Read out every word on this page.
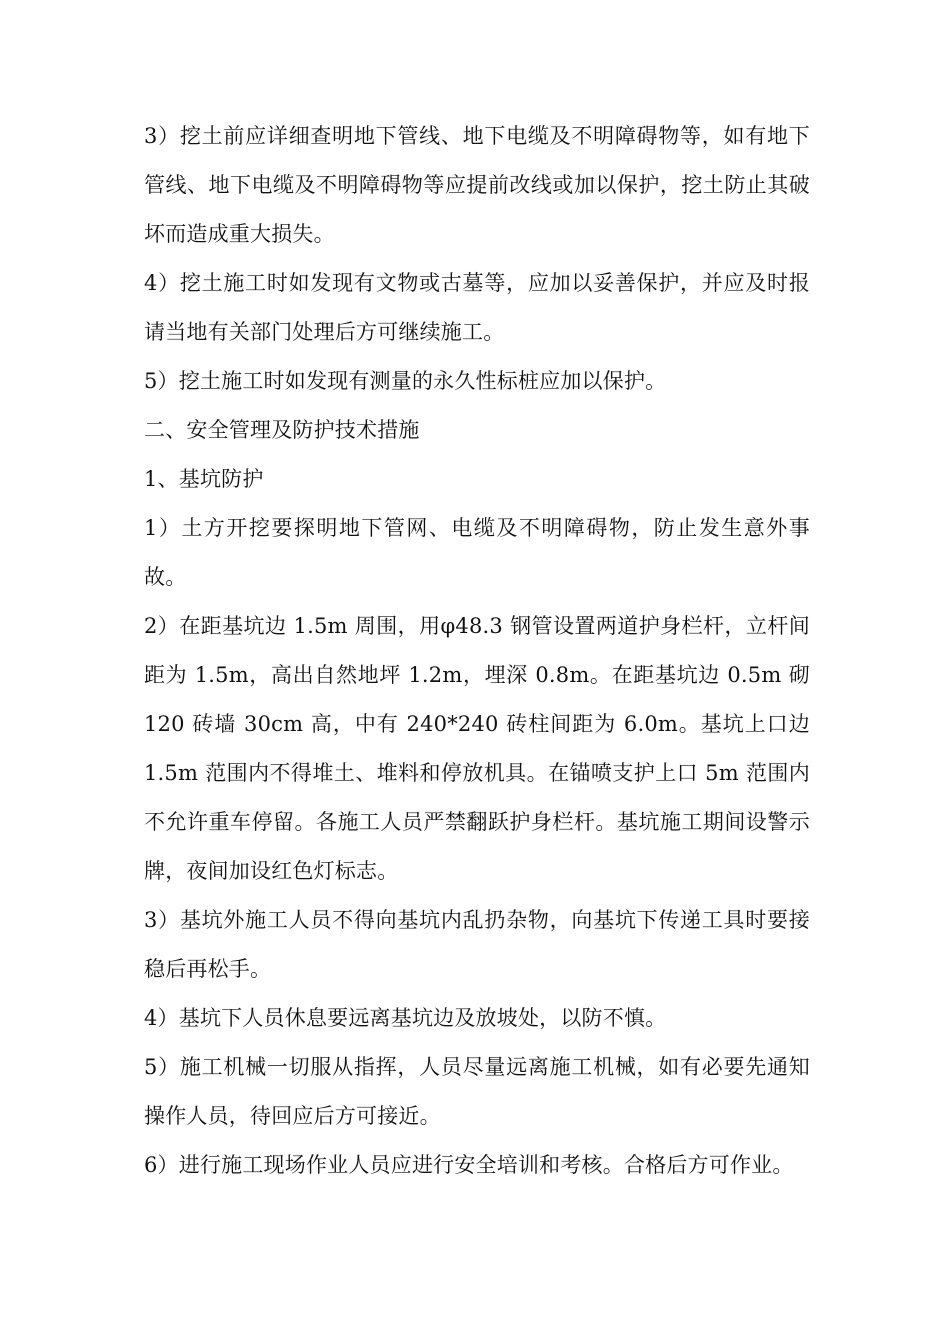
3）挖土前应详细查明地下管线、地下电缆及不明障碍物等，如有地下管线、地下电缆及不明障碍物等应提前改线或加以保护，挖土防止其破坏而造成重大损失。

4）挖土施工时如发现有文物或古墓等，应加以妥善保护，并应及时报请当地有关部门处理后方可继续施工。

5）挖土施工时如发现有测量的永久性标桩应加以保护。

二、安全管理及防护技术措施

1、基坑防护

1）土方开挖要探明地下管网、电缆及不明障碍物，防止发生意外事故。

2）在距基坑边 1.5m 周围，用φ48.3 钢管设置两道护身栏杆，立杆间距为 1.5m，高出自然地坪 1.2m，埋深 0.8m。在距基坑边 0.5m 砌 120 砖墙 30cm 高，中有 240*240 砖柱间距为 6.0m。基坑上口边 1.5m 范围内不得堆土、堆料和停放机具。在锚喷支护上口 5m 范围内不允许重车停留。各施工人员严禁翻跃护身栏杆。基坑施工期间设警示牌，夜间加设红色灯标志。

3）基坑外施工人员不得向基坑内乱扔杂物，向基坑下传递工具时要接稳后再松手。

4）基坑下人员休息要远离基坑边及放坡处，以防不慎。

5）施工机械一切服从指挥，人员尽量远离施工机械，如有必要先通知操作人员，待回应后方可接近。

6）进行施工现场作业人员应进行安全培训和考核。合格后方可作业。
